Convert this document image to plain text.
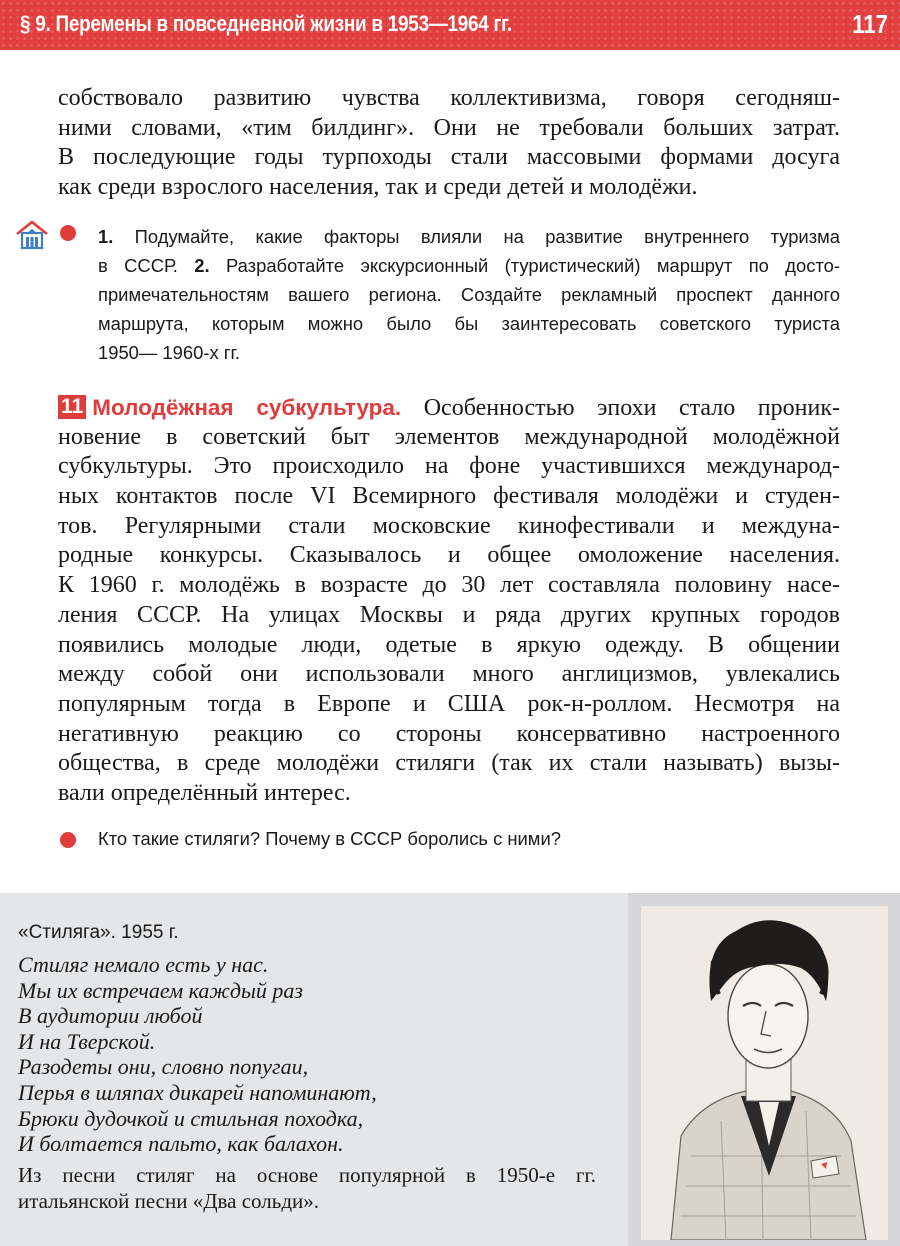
§ 9. Перемены в повседневной жизни в 1953—1964 гг.	117
собствовало развитию чувства коллективизма, говоря сегодняш-
ними словами, «тим билдинг». Они не требовали больших затрат.
В последующие годы турпоходы стали массовыми формами досуга
как среди взрослого населения, так и среди детей и молодёжи.
1. Подумайте, какие факторы влияли на развитие внутреннего туризма
в СССР. 2. Разработайте экскурсионный (туристический) маршрут по досто-
примечательностям вашего региона. Создайте рекламный проспект данного
маршрута, которым можно было бы заинтересовать советского туриста
1950— 1960-х гг.
11 Молодёжная субкультура. Особенностью эпохи стало проник-
новение в советский быт элементов международной молодёжной
субкультуры. Это происходило на фоне участившихся международ-
ных контактов после VI Всемирного фестиваля молодёжи и студен-
тов. Регулярными стали московские кинофестивали и междуна-
родные конкурсы. Сказывалось и общее омоложение населения.
К 1960 г. молодёжь в возрасте до 30 лет составляла половину насе-
ления СССР. На улицах Москвы и ряда других крупных городов
появились молодые люди, одетые в яркую одежду. В общении
между собой они использовали много англицизмов, увлекались
популярным тогда в Европе и США рок-н-роллом. Несмотря на
негативную реакцию со стороны консервативно настроенного
общества, в среде молодёжи стиляги (так их стали называть) вызы-
вали определённый интерес.
Кто такие стиляги? Почему в СССР боролись с ними?
«Стиляга». 1955 г.
Стиляг немало есть у нас.
Мы их встречаем каждый раз
В аудитории любой
И на Тверской.
Разодеты они, словно попугаи,
Перья в шляпах дикарей напоминают,
Брюки дудочкой и стильная походка,
И болтается пальто, как балахон.
Из песни стиляг на основе популярной в 1950-е гг.
итальянской песни «Два сольди».
